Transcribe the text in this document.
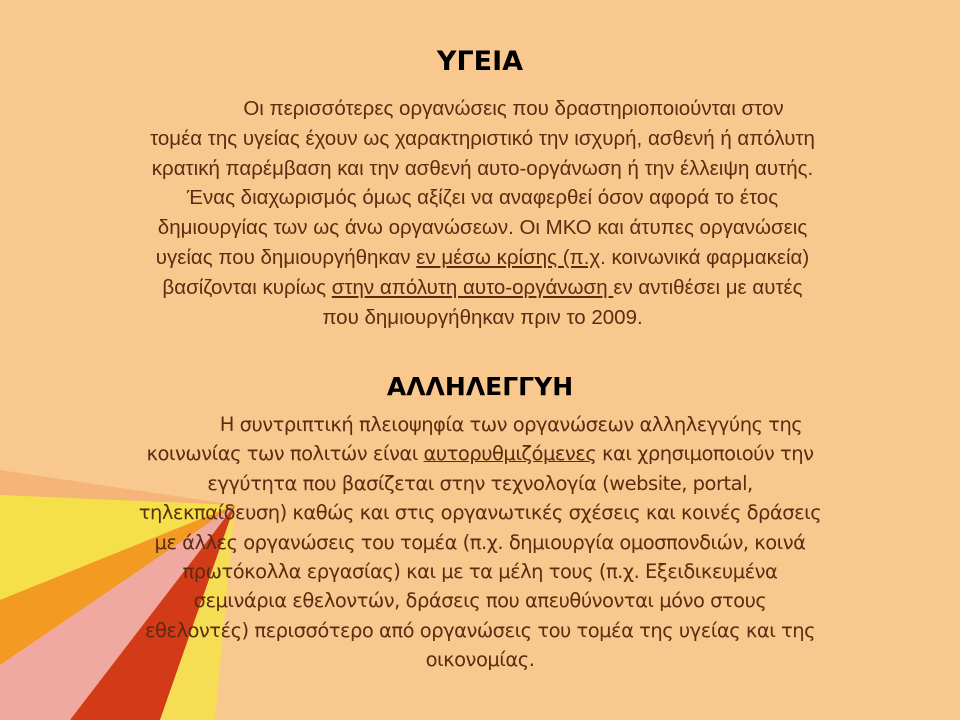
ΥΓΕΙΑ
Οι περισσότερες οργανώσεις που δραστηριοποιούνται στον
τομέα της υγείας έχουν ως χαρακτηριστικό την ισχυρή, ασθενή ή απόλυτη
κρατική παρέμβαση και την ασθενή αυτο-οργάνωση ή την έλλειψη αυτής.
Ένας διαχωρισμός όμως αξίζει να αναφερθεί όσον αφορά το έτος
δημιουργίας των ως άνω οργανώσεων. Οι ΜΚΟ και άτυπες οργανώσεις
υγείας που δημιουργήθηκαν εν μέσω κρίσης (π.χ. κοινωνικά φαρμακεία)
βασίζονται κυρίως στην απόλυτη αυτο-οργάνωση εν αντιθέσει με αυτές
που δημιουργήθηκαν πριν το 2009.
ΑΛΛΗΛΕΓΓΥΗ
Η συντριπτική πλειοψηφία των οργανώσεων αλληλεγγύης της
κοινωνίας των πολιτών είναι αυτορυθμιζόμενες και χρησιμοποιούν την
εγγύτητα που βασίζεται στην τεχνολογία (website, portal,
τηλεκπαίδευση) καθώς και στις οργανωτικές σχέσεις και κοινές δράσεις
με άλλες οργανώσεις του τομέα (π.χ. δημιουργία ομοσπονδιών, κοινά
πρωτόκολλα εργασίας) και με τα μέλη τους (π.χ. Εξειδικευμένα
σεμινάρια εθελοντών, δράσεις που απευθύνονται μόνο στους
εθελοντές) περισσότερο από οργανώσεις του τομέα της υγείας και της
οικονομίας.
